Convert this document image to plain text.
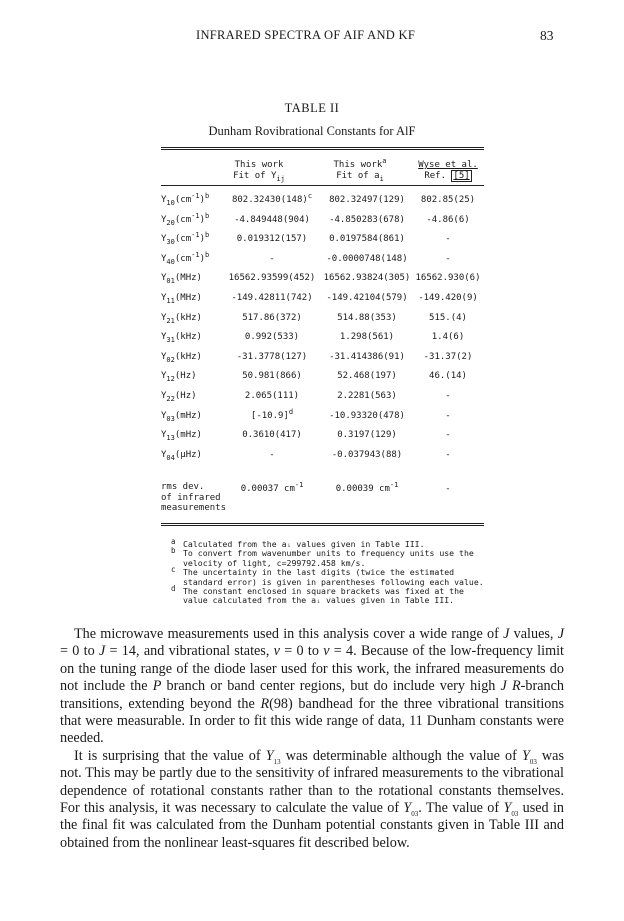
INFRARED SPECTRA OF AIF AND KF	83
TABLE II
Dunham Rovibrational Constants for AlF
This work
Fit of $Y_{ij}$
This work$^a$
Fit of $a_i$
Wyse et al.
Ref. [5]
$Y_{10}(cm^{-1})^b$	$802.32430(148)^c$	802.32497(129)	802.85(25)
$Y_{20}(cm^{-1})^b$	-4.849448(904)	-4.850283(678)	-4.86(6)
$Y_{30}(cm^{-1})^b$	0.019312(157)	0.0197584(861)	-
$Y_{40}(cm^{-1})^b$	-	-0.0000748(148)	-
$Y_{01}(MHz)$	16562.93599(452) 16562.93824(305) 16562.930(6)
$Y_{11}(MHz)$	-149.42811(742)	-149.42104(579)	-149.420(9)
$Y_{21}(kHz)$	517.86(372)	514.88(353)	515.(4)
$Y_{31}(kHz)$	0.992(533)	1.298(561)	1.4(6)
$Y_{02}(kHz)$	-31.3778(127)	-31.414386(91)	-31.37(2)
$Y_{12}(Hz)$	50.981(866)	52.468(197)	46.(14)
$Y_{22}(Hz)$	2.065(111)	2.2281(563)	-
$Y_{03}(mHz)$	$[-10.9]^d$	-10.93320(478)	-
$Y_{13}(mHz)$	0.3610(417)	0.3197(129)	-
$Y_{04}(\mu Hz)$	-	-0.037943(88)	-
rms dev.
of infrared
measurements
0.00037 $cm^{-1}$	0.00039 $cm^{-1}$	-
a Calculated from the aᵢ values given in Table III.
b To convert from wavenumber units to frequency units use the velocity of light, c=299792.458 km/s.
c The uncertainty in the last digits (twice the estimated standard error) is given in parentheses following each value.
d The constant enclosed in square brackets was fixed at the value calculated from the aᵢ values given in Table III.

The microwave measurements used in this analysis cover a wide range of J values, J = 0 to J = 14, and vibrational states, v = 0 to v = 4. Because of the low-frequency limit on the tuning range of the diode laser used for this work, the infrared measurements do not include the P branch or band center regions, but do include very high J R-branch transitions, extending beyond the R(98) bandhead for the three vibrational transitions that were measurable. In order to fit this wide range of data, 11 Dunham constants were needed.

It is surprising that the value of $Y_{13}$ was determinable although the value of $Y_{03}$ was not. This may be partly due to the sensitivity of infrared measurements to the vibrational dependence of rotational constants rather than to the rotational constants themselves. For this analysis, it was necessary to calculate the value of $Y_{03}$. The value of $Y_{03}$ used in the final fit was calculated from the Dunham potential constants given in Table III and obtained from the nonlinear least-squares fit described below.
